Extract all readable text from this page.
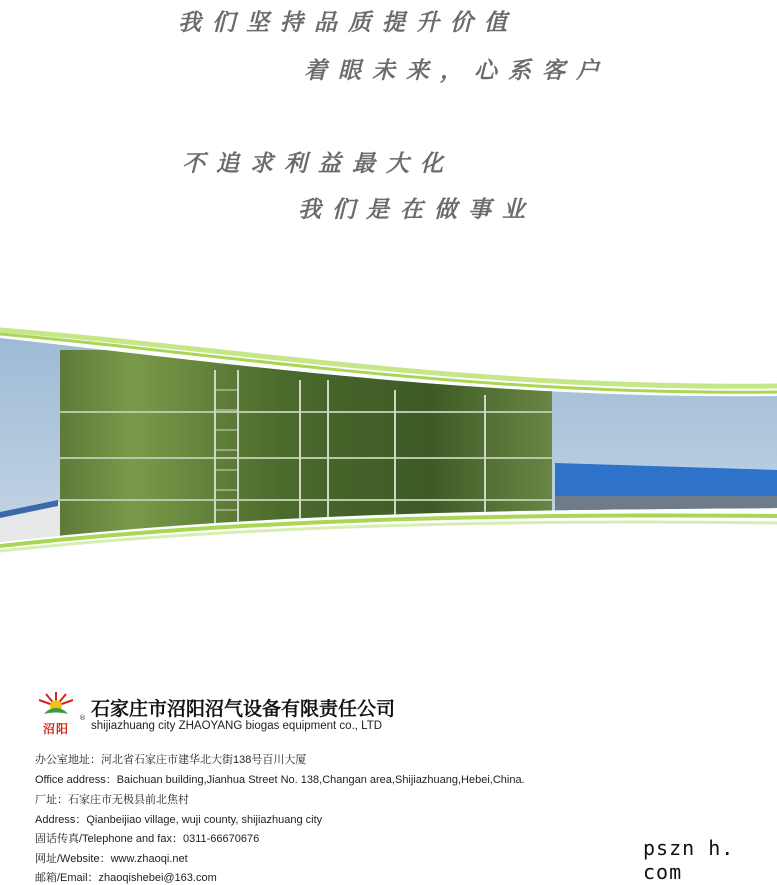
我们坚持品质提升价值
着眼未来，心系客户
不追求利益最大化
我们是在做事业
沼阳
® 石家庄市沼阳沼气设备有限责任公司
shijiazhuang city ZHAOYANG biogas equipment co., LTD
办公室地址：河北省石家庄市建华北大街138号百川大厦
Office address：Baichuan building,Jianhua Street No. 138,Changan area,Shijiazhuang,Hebei,China.
厂址：石家庄市无极县前北焦村
Address：Qianbeijiao village, wuji county, shijiazhuang city
固话传真/Telephone and fax：0311-66670676
网址/Website：www.zhaoqi.net
邮箱/Email：zhaoqishebei@163.com
pszn h. com
